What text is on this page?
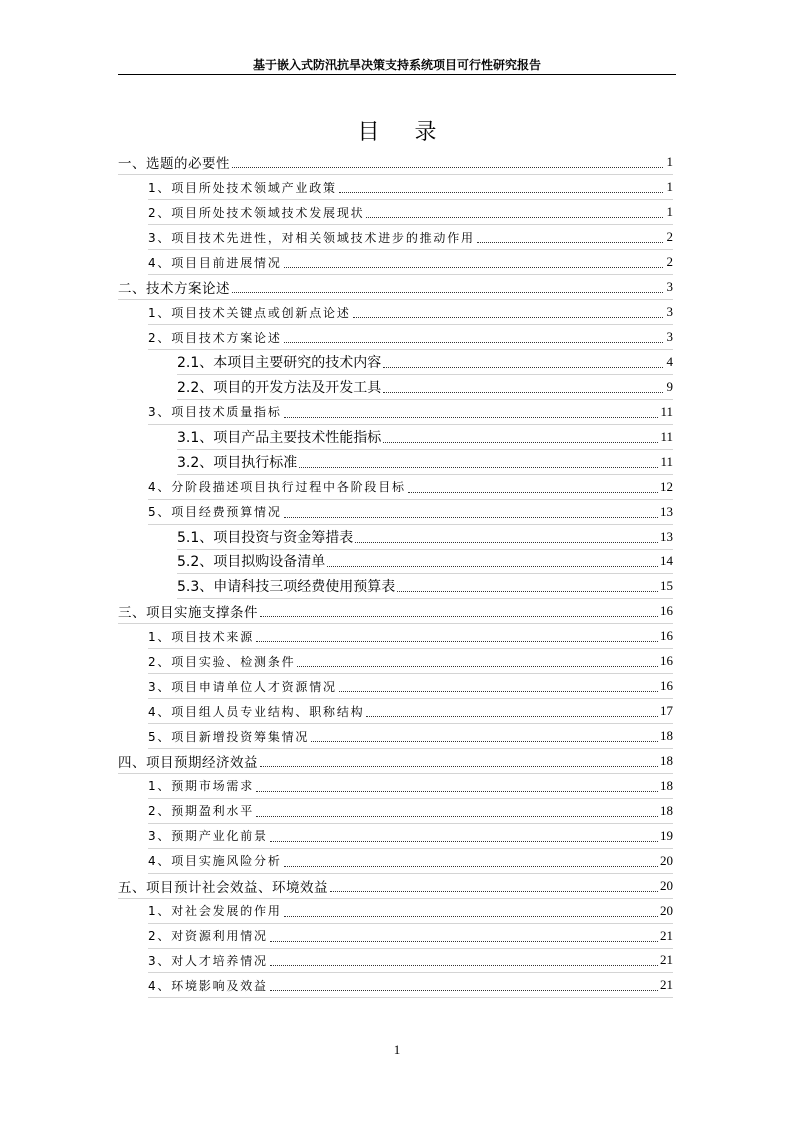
基于嵌入式防汛抗旱决策支持系统项目可行性研究报告
目 录
一、选题的必要性	1
1、项目所处技术领域产业政策	1
2、项目所处技术领域技术发展现状	1
3、项目技术先进性，对相关领域技术进步的推动作用	2
4、项目目前进展情况	2
二、技术方案论述	3
1、项目技术关键点或创新点论述	3
2、项目技术方案论述	3
2.1、本项目主要研究的技术内容	4
2.2、项目的开发方法及开发工具	9
3、项目技术质量指标	11
3.1、项目产品主要技术性能指标	11
3.2、项目执行标准	11
4、分阶段描述项目执行过程中各阶段目标	12
5、项目经费预算情况	13
5.1、项目投资与资金筹措表	13
5.2、项目拟购设备清单	14
5.3、申请科技三项经费使用预算表	15
三、项目实施支撑条件	16
1、项目技术来源	16
2、项目实验、检测条件	16
3、项目申请单位人才资源情况	16
4、项目组人员专业结构、职称结构	17
5、项目新增投资筹集情况	18
四、项目预期经济效益	18
1、预期市场需求	18
2、预期盈利水平	18
3、预期产业化前景	19
4、项目实施风险分析	20
五、项目预计社会效益、环境效益	20
1、对社会发展的作用	20
2、对资源利用情况	21
3、对人才培养情况	21
4、环境影响及效益	21
1
